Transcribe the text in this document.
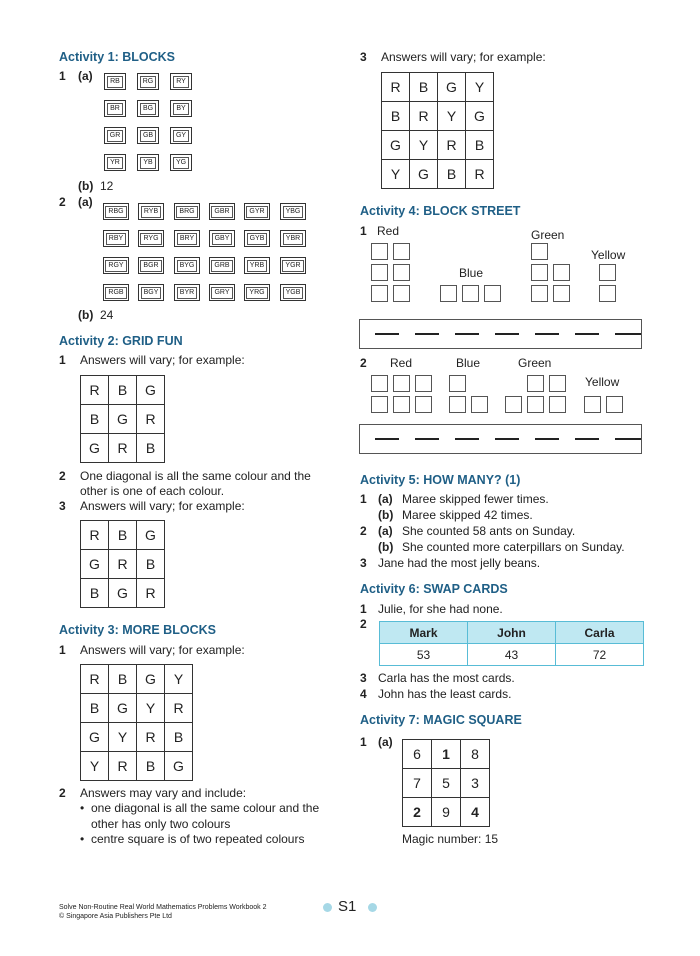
Activity 1: BLOCKS
1 (a)	RB	RG	RY
BR	BG	BY
GR	GB	GY
YR	YB	YG
(b) 12
2 (a)
RBG	RYB	BRG	GBR	GYR	YBG
RBY	RYG	BRY	GBY	GYB	YBR
RGY	BGR	BYG	GRB	YRB	YGR
RGB	BGY	BYR	GRY	YRG	YGB
(b) 24
Activity 2: GRID FUN
1 Answers will vary; for example:
R	B	G
B	G	R
G	R	B
2 One diagonal is all the same colour and the
other is one of each colour.
3 Answers will vary; for example:
R	B	G
G	R	B
B	G	R
Activity 3: MORE BLOCKS
1 Answers will vary; for example:
R	B	G	Y
B	G	Y	R
G	Y	R	B
Y	R	B	G
2 Answers may vary and include:
• one diagonal is all the same colour and the
other has only two colours
• centre square is of two repeated colours
3 Answers will vary; for example:
R	B	G	Y
B	R	Y	G
G	Y	R	B
Y	G	B	R
Activity 4: BLOCK STREET
1 Red	Green
Yellow
Blue
2 Red	Blue	Green
Yellow
Activity 5: HOW MANY? (1)
1 (a) Maree skipped fewer times.
(b) Maree skipped 42 times.
2 (a) She counted 58 ants on Sunday.
(b) She counted more caterpillars on Sunday.
3 Jane had the most jelly beans.
Activity 6: SWAP CARDS
1 Julie, for she had none.
2
Mark	John	Carla
53	43	72
3 Carla has the most cards.
4 John has the least cards.
Activity 7: MAGIC SQUARE
1 (a)
6	1	8
7	5	3
2	9	4
Magic number: 15
Solve Non-Routine Real World Mathematics Problems Workbook 2
© Singapore Asia Publishers Pte Ltd
S1
